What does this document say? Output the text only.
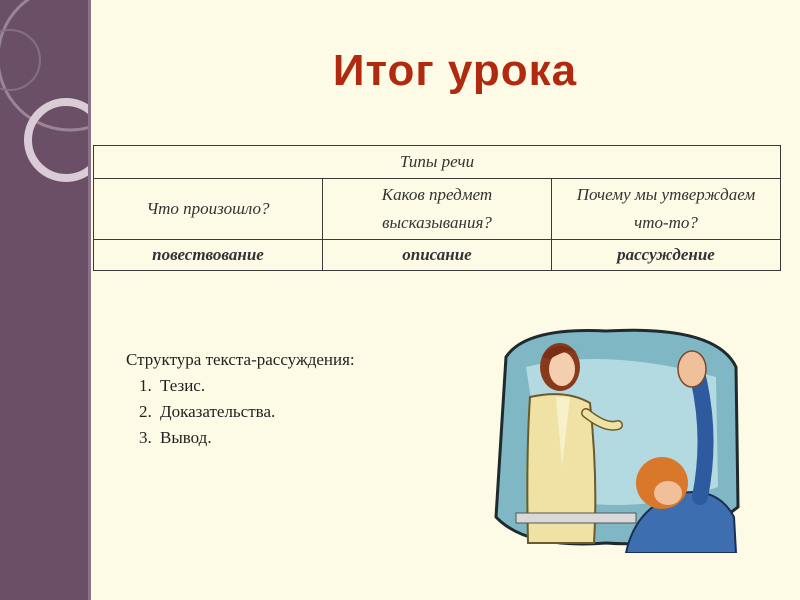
Итог урока
Типы речи		
Что произошло?	Каков предмет высказывания?	Почему мы утверждаем что-то?
повествование	описание	рассуждение
Структура текста-рассуждения:
1. Тезис.
2. Доказательства.
3. Вывод.
